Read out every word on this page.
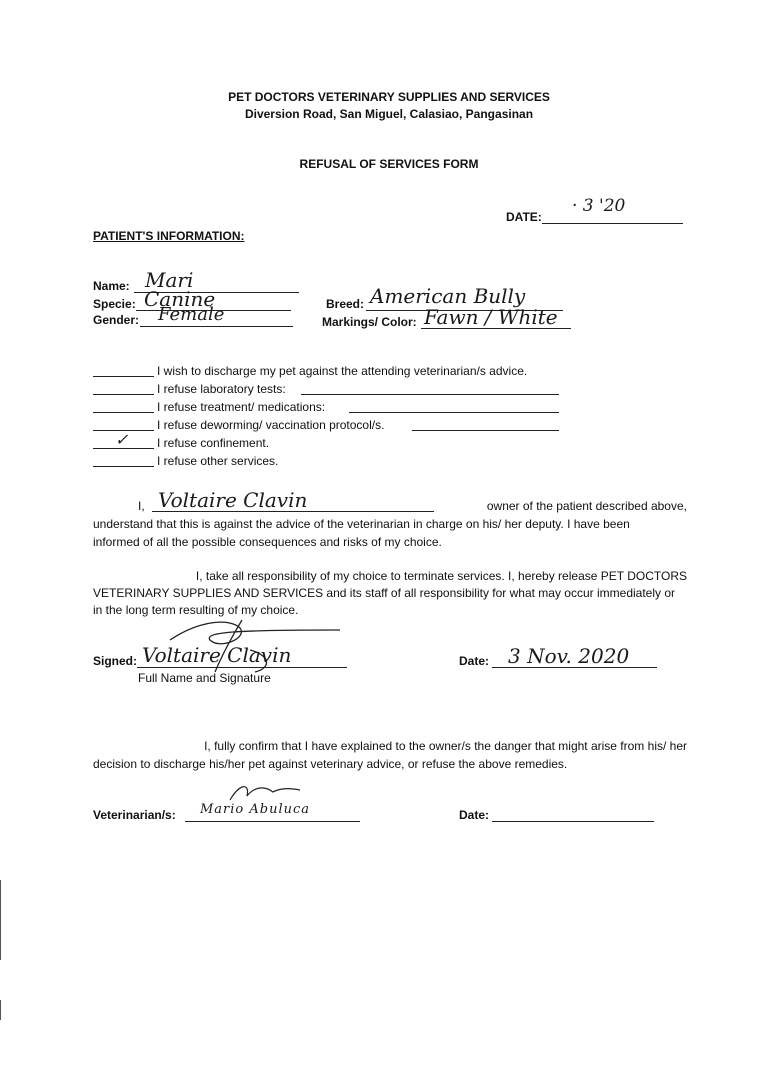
PET DOCTORS VETERINARY SUPPLIES AND SERVICES
Diversion Road, San Miguel, Calasiao, Pangasinan
REFUSAL OF SERVICES FORM
DATE:
· 3 '20
PATIENT'S INFORMATION:
Name: Mari
Specie: Canine
Gender: Female	Breed: American Bully
Markings/ Color: Fawn / White
I wish to discharge my pet against the attending veterinarian/s advice.
I refuse laboratory tests:
I refuse treatment/ medications:
I refuse deworming/ vaccination protocol/s.
✓ I refuse confinement.
I refuse other services.
I, Voltaire Clavin	owner of the patient described above,
understand that this is against the advice of the veterinarian in charge on his/ her deputy. I have been
informed of all the possible consequences and risks of my choice.
I, take all responsibility of my choice to terminate services. I, hereby release PET DOCTORS
VETERINARY SUPPLIES AND SERVICES and its staff of all responsibility for what may occur immediately or
in the long term resulting of my choice.
Signed: Voltaire Clavin
Full Name and Signature
Date: 3 Nov. 2020
I, fully confirm that I have explained to the owner/s the danger that might arise from his/ her
decision to discharge his/her pet against veterinary advice, or refuse the above remedies.
Veterinarian/s: Mario Abuluca	Date:
